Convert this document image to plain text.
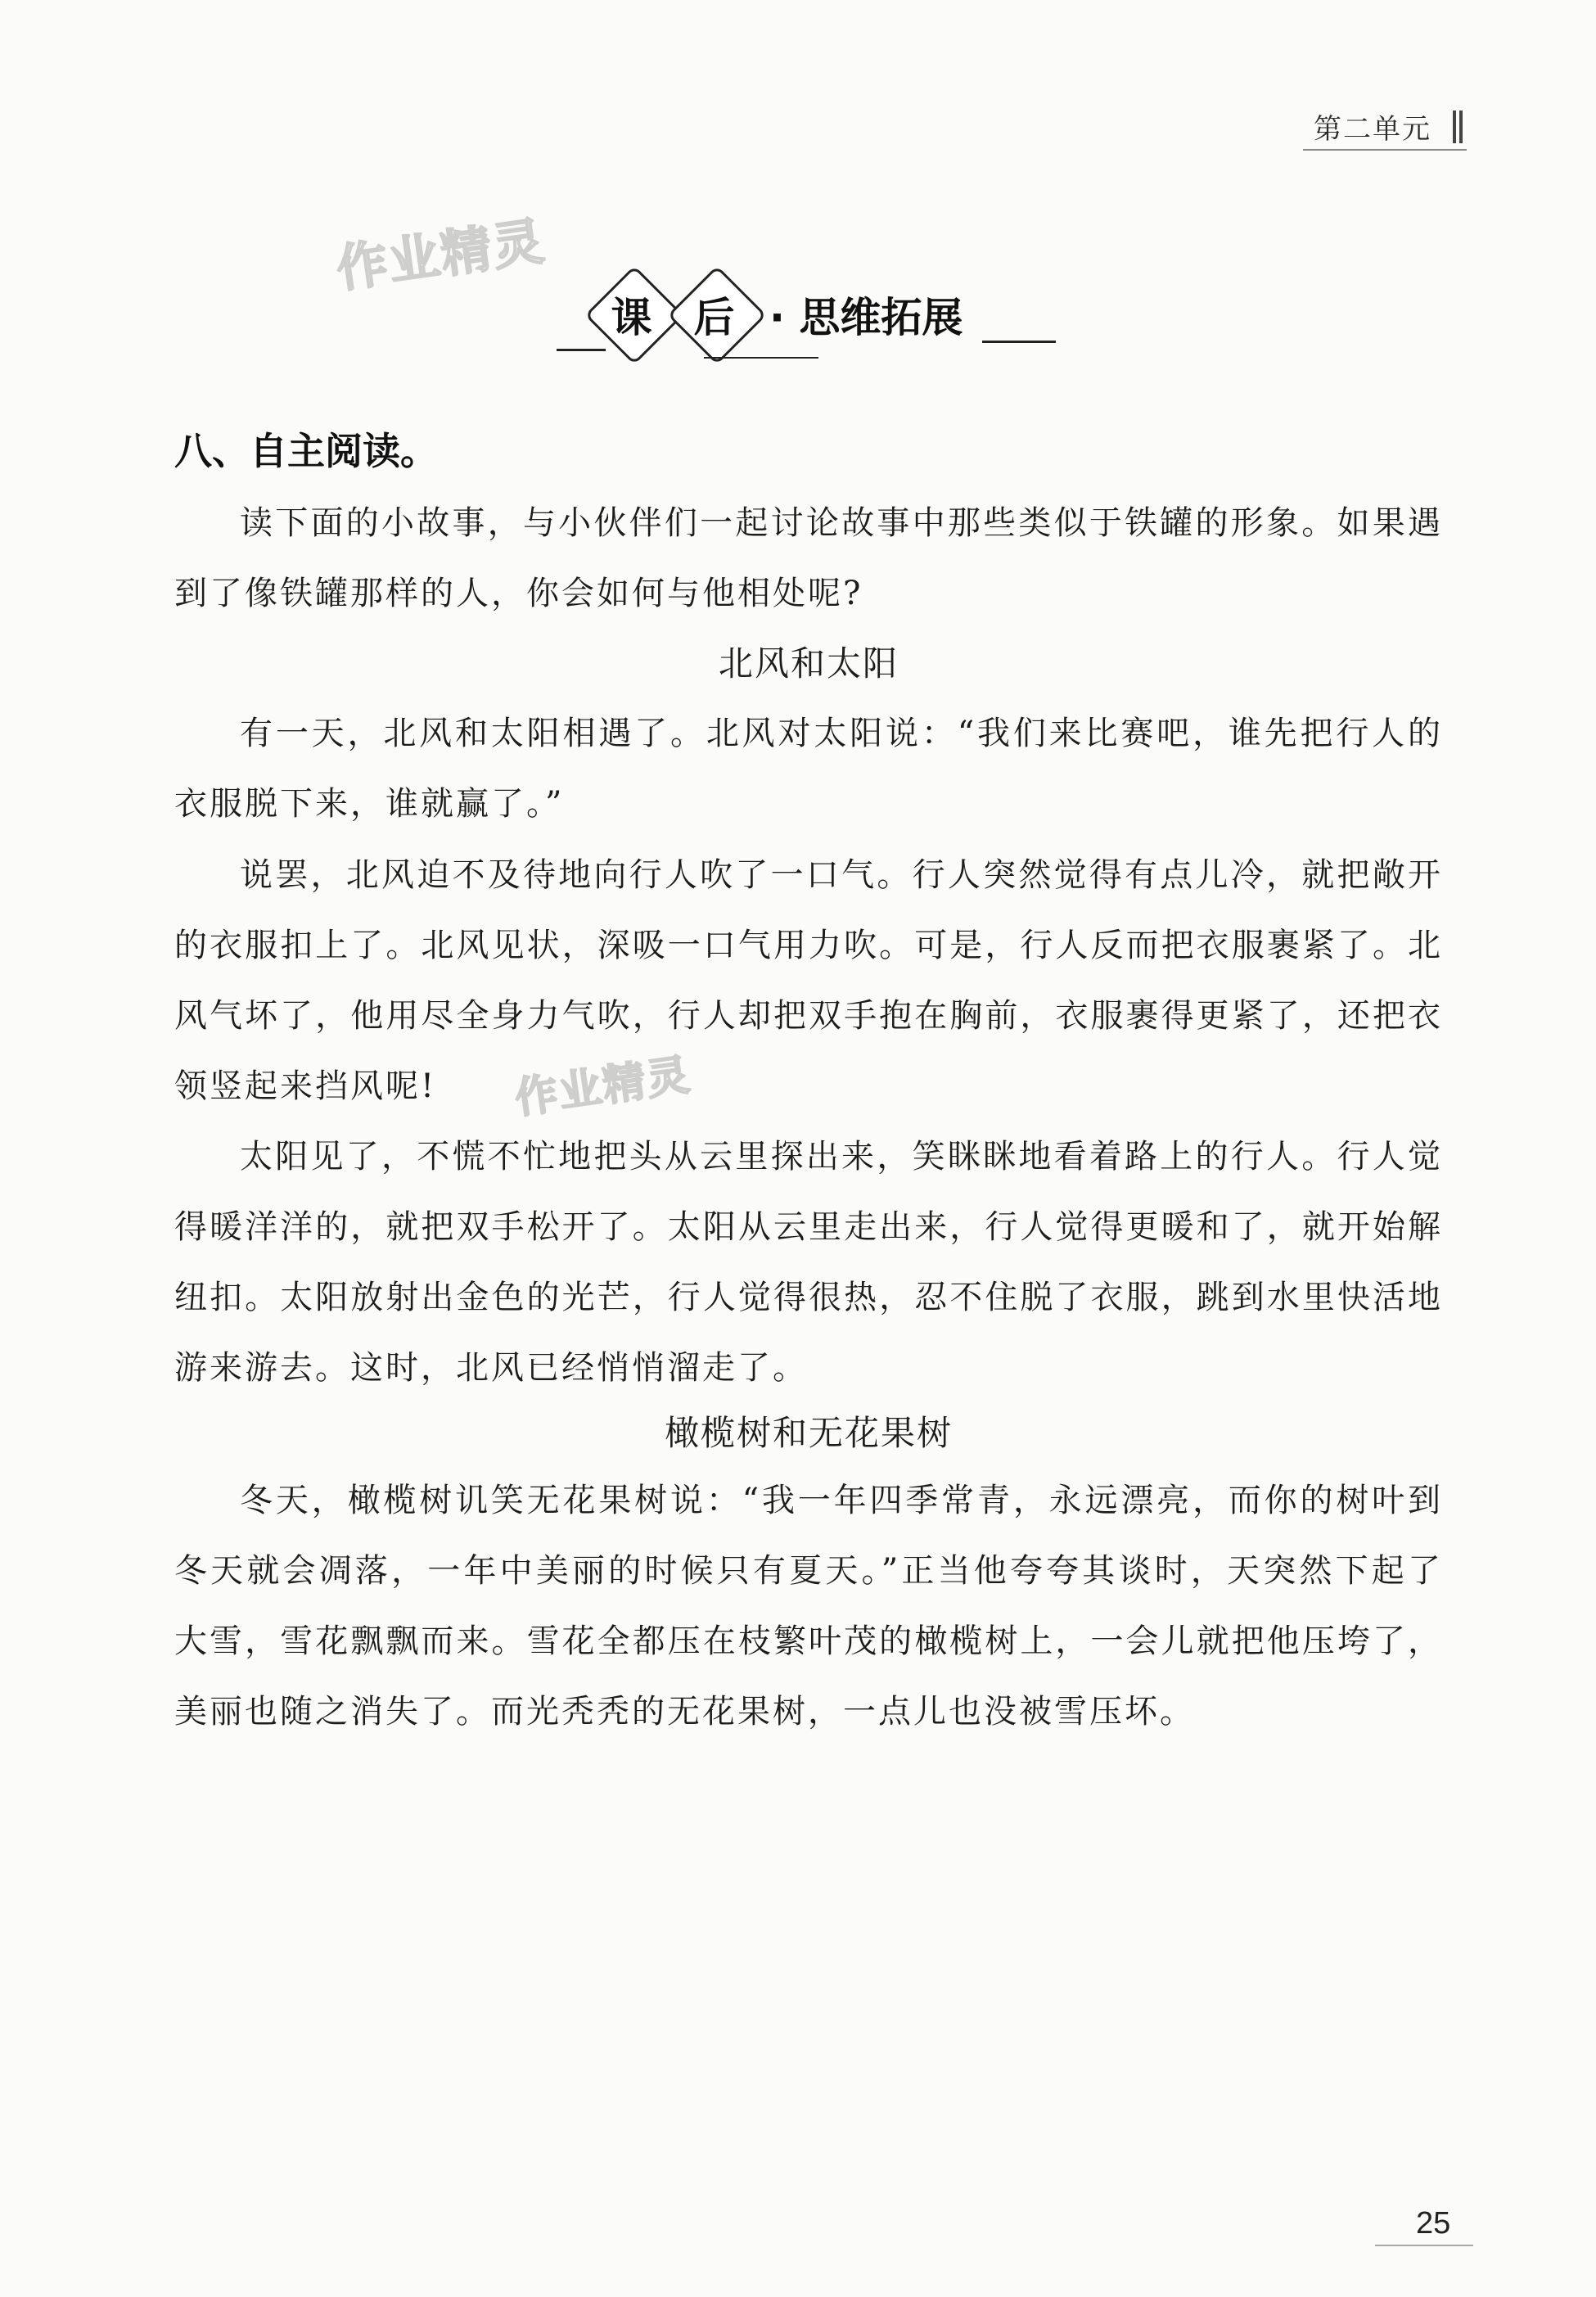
第二单元
作业精灵
作业精灵
课	后 · 思维拓展
八、自主阅读。
读下面的小故事，与小伙伴们一起讨论故事中那些类似于铁罐的形象。如果遇到了像铁罐那样的人，你会如何与他相处呢?
北风和太阳
有一天，北风和太阳相遇了。北风对太阳说：“我们来比赛吧，谁先把行人的衣服脱下来，谁就赢了。”
说罢，北风迫不及待地向行人吹了一口气。行人突然觉得有点儿冷，就把敞开的衣服扣上了。北风见状，深吸一口气用力吹。可是，行人反而把衣服裹紧了。北风气坏了，他用尽全身力气吹，行人却把双手抱在胸前，衣服裹得更紧了，还把衣领竖起来挡风呢!
太阳见了，不慌不忙地把头从云里探出来，笑眯眯地看着路上的行人。行人觉得暖洋洋的，就把双手松开了。太阳从云里走出来，行人觉得更暖和了，就开始解纽扣。太阳放射出金色的光芒，行人觉得很热，忍不住脱了衣服，跳到水里快活地游来游去。这时，北风已经悄悄溜走了。
橄榄树和无花果树
冬天，橄榄树讥笑无花果树说：“我一年四季常青，永远漂亮，而你的树叶到冬天就会凋落，一年中美丽的时候只有夏天。”正当他夸夸其谈时，天突然下起了大雪，雪花飘飘而来。雪花全都压在枝繁叶茂的橄榄树上，一会儿就把他压垮了，美丽也随之消失了。而光秃秃的无花果树，一点儿也没被雪压坏。
25
